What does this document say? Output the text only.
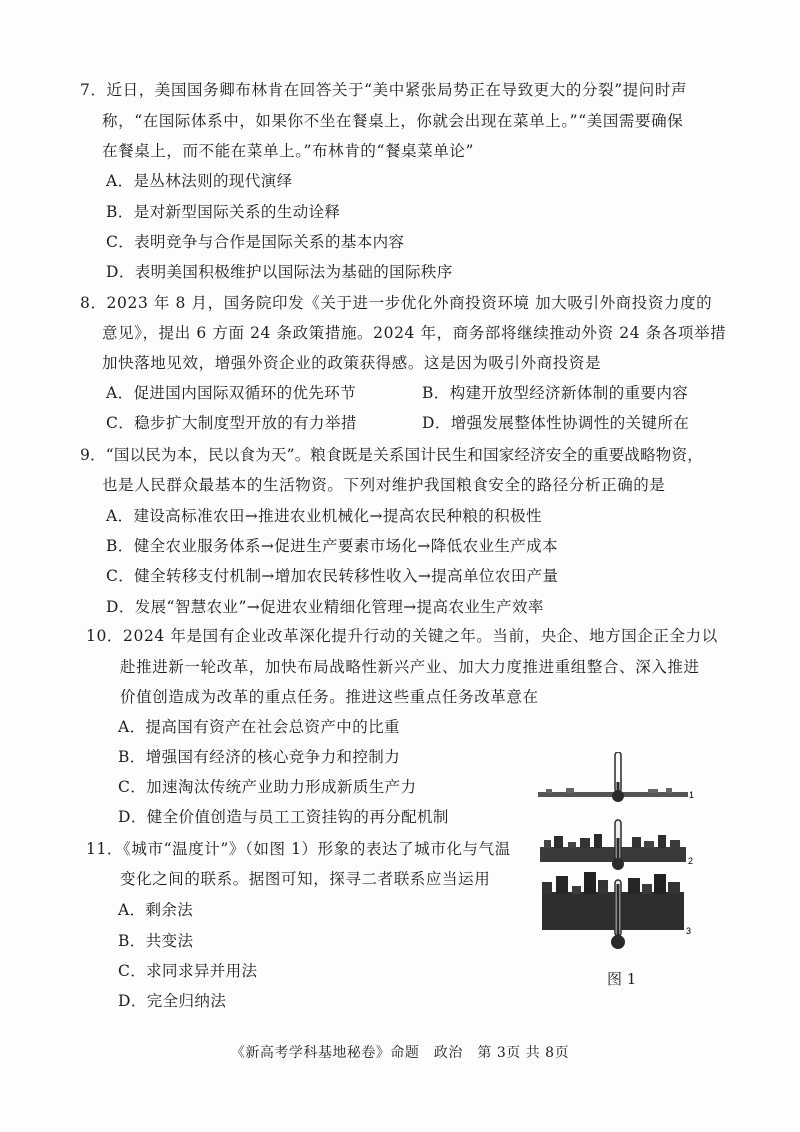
7．近日，美国国务卿布林肯在回答关于“美中紧张局势正在导致更大的分裂”提问时声
称，“在国际体系中，如果你不坐在餐桌上，你就会出现在菜单上。”“美国需要确保
在餐桌上，而不能在菜单上。”布林肯的“餐桌菜单论”
A．是丛林法则的现代演绎
B．是对新型国际关系的生动诠释
C．表明竞争与合作是国际关系的基本内容
D．表明美国积极维护以国际法为基础的国际秩序
8．2023 年 8 月，国务院印发《关于进一步优化外商投资环境 加大吸引外商投资力度的
意见》，提出 6 方面 24 条政策措施。2024 年，商务部将继续推动外资 24 条各项举措
加快落地见效，增强外资企业的政策获得感。这是因为吸引外商投资是
A．促进国内国际双循环的优先环节	B．构建开放型经济新体制的重要内容
C．稳步扩大制度型开放的有力举措	D．增强发展整体性协调性的关键所在
9．“国以民为本，民以食为天”。粮食既是关系国计民生和国家经济安全的重要战略物资，
也是人民群众最基本的生活物资。下列对维护我国粮食安全的路径分析正确的是
A．建设高标准农田→推进农业机械化→提高农民种粮的积极性
B．健全农业服务体系→促进生产要素市场化→降低农业生产成本
C．健全转移支付机制→增加农民转移性收入→提高单位农田产量
D．发展“智慧农业”→促进农业精细化管理→提高农业生产效率
10．2024 年是国有企业改革深化提升行动的关键之年。当前，央企、地方国企正全力以
赴推进新一轮改革，加快布局战略性新兴产业、加大力度推进重组整合、深入推进
价值创造成为改革的重点任务。推进这些重点任务改革意在
A．提高国有资产在社会总资产中的比重
B．增强国有经济的核心竞争力和控制力
C．加速淘汰传统产业助力形成新质生产力
D．健全价值创造与员工工资挂钩的再分配机制
11．《城市“温度计”》（如图 1）形象的表达了城市化与气温
变化之间的联系。据图可知，探寻二者联系应当运用
A．剩余法
B．共变法
C．求同求异并用法
D．完全归纳法
1
2
3
图 1
《新高考学科基地秘卷》命题　政治　第 3页 共 8页
